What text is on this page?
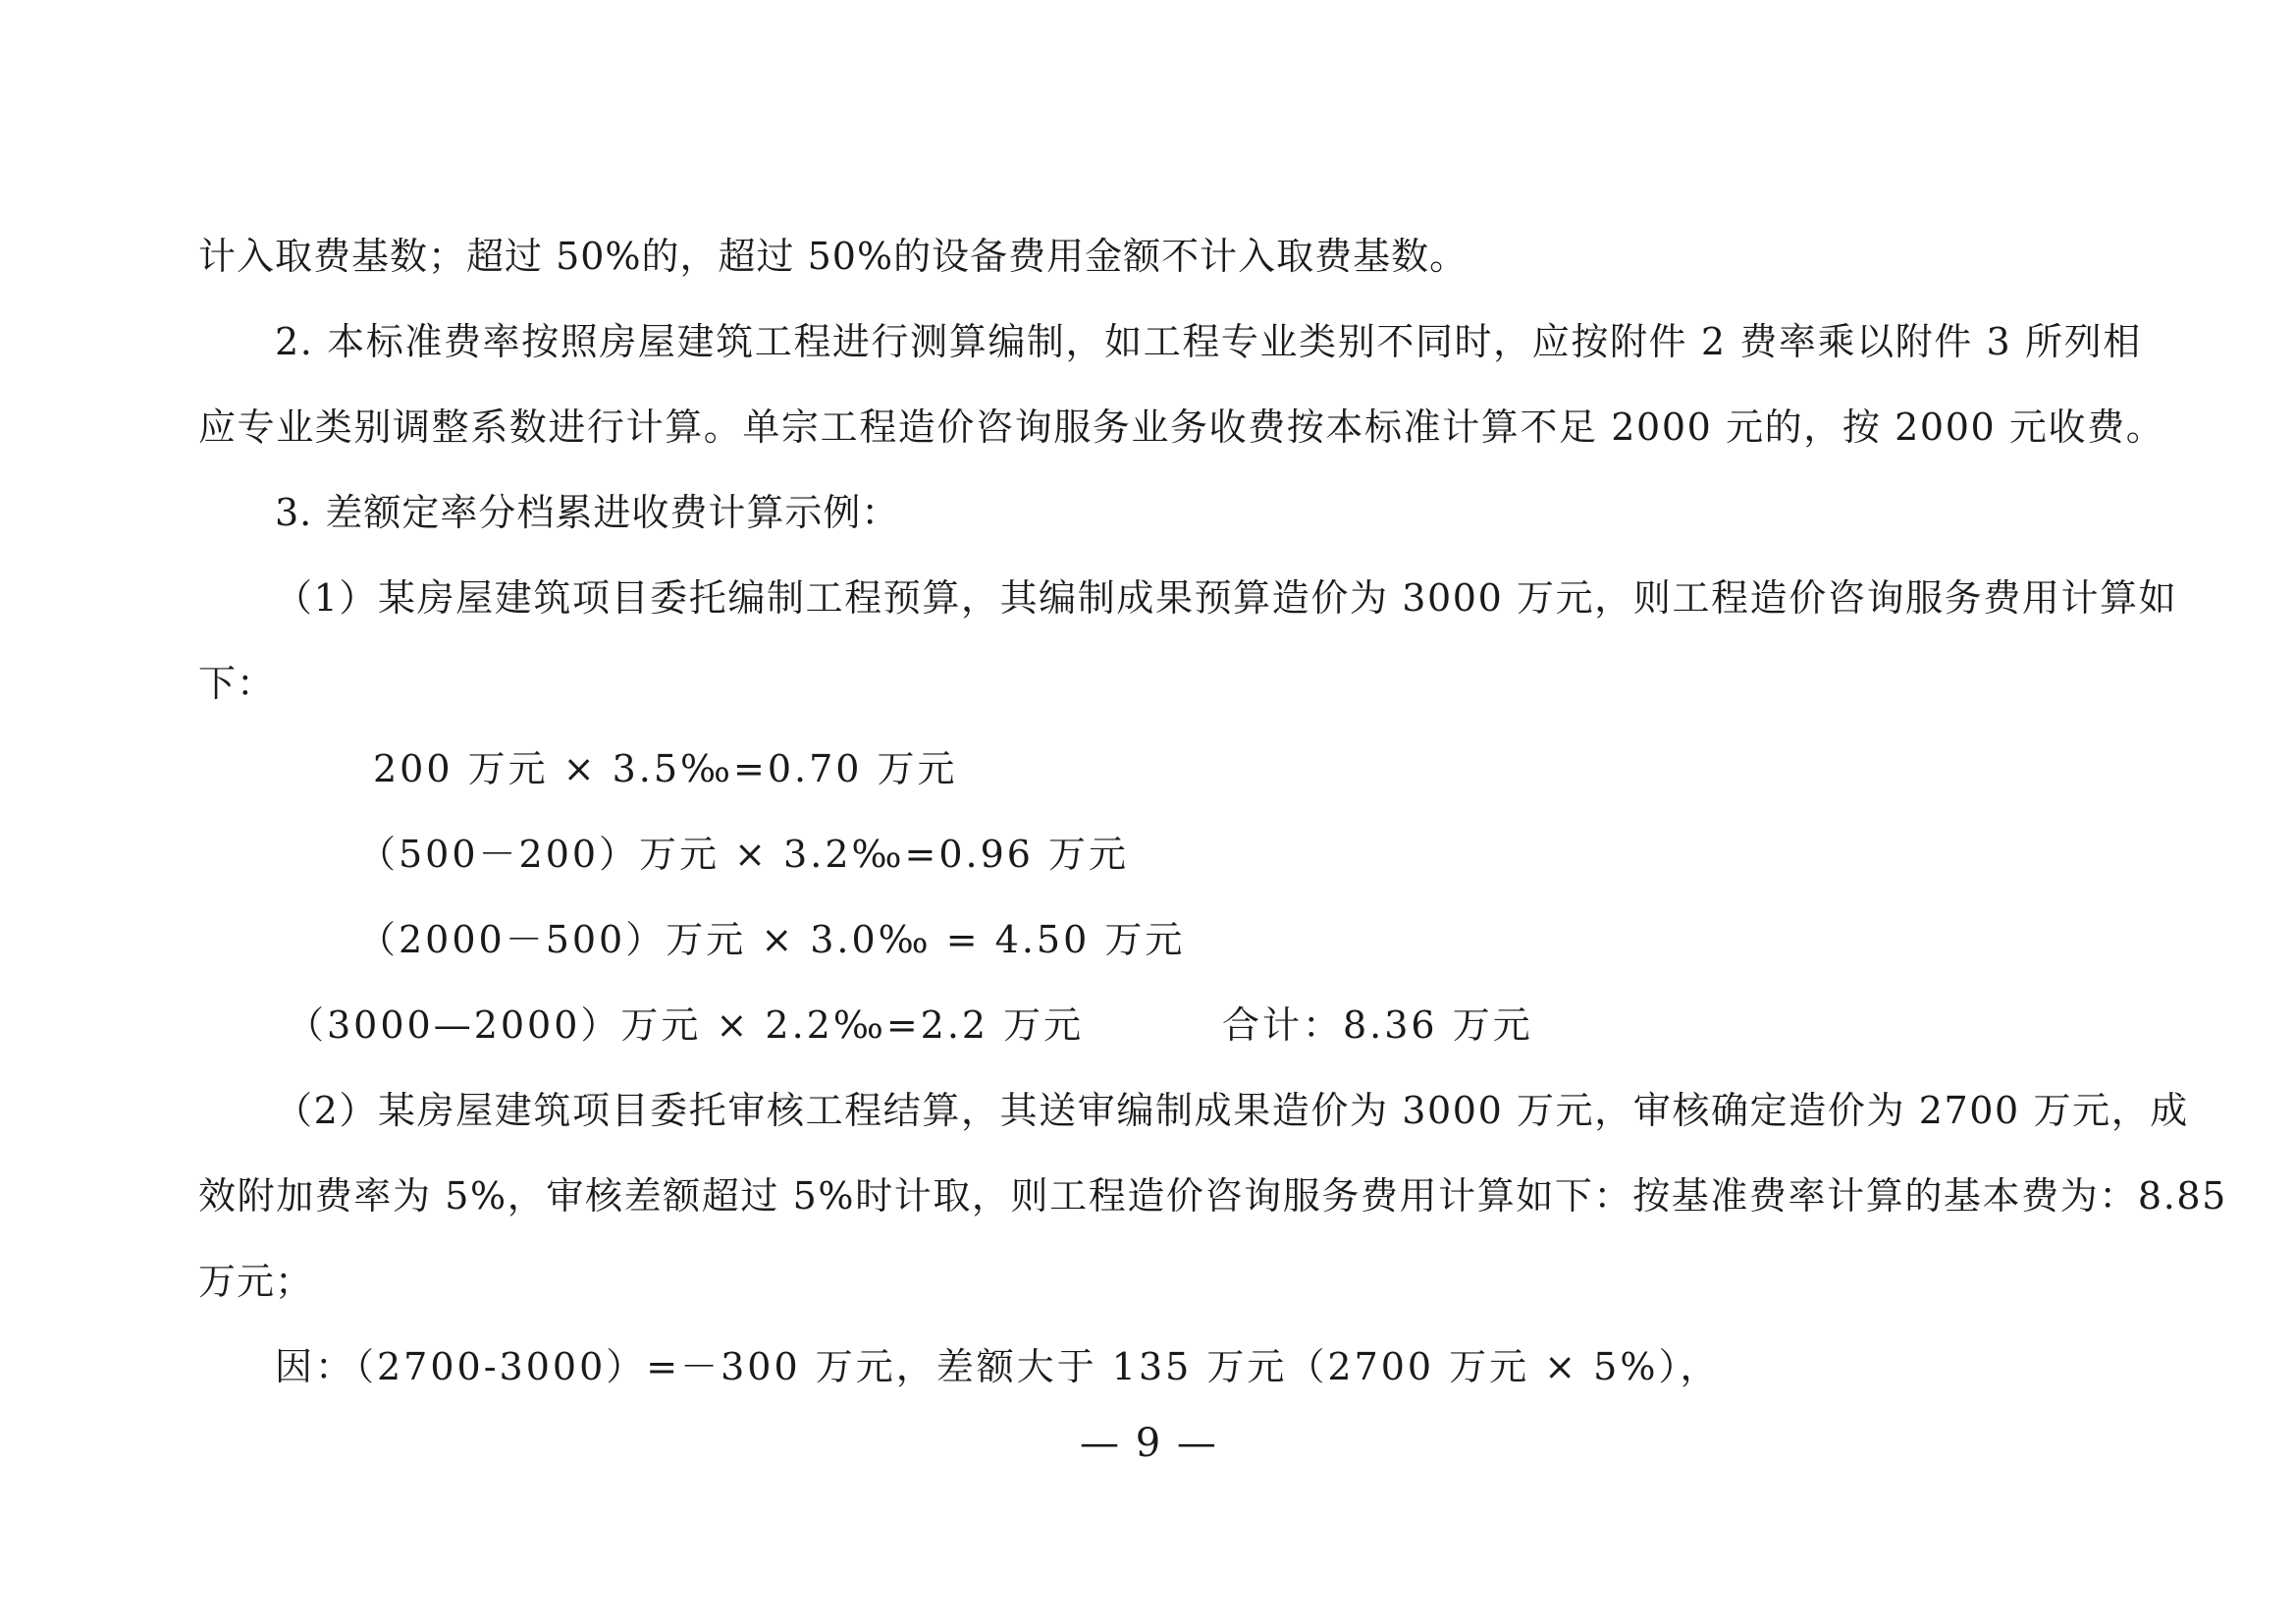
计入取费基数；超过 50%的，超过 50%的设备费用金额不计入取费基数。
2. 本标准费率按照房屋建筑工程进行测算编制，如工程专业类别不同时，应按附件 2 费率乘以附件 3 所列相
应专业类别调整系数进行计算。单宗工程造价咨询服务业务收费按本标准计算不足 2000 元的，按 2000 元收费。
3. 差额定率分档累进收费计算示例：
（1）某房屋建筑项目委托编制工程预算，其编制成果预算造价为 3000 万元，则工程造价咨询服务费用计算如
下：
200 万元 × 3.5‰=0.70 万元
（500－200）万元 × 3.2‰=0.96 万元
（2000－500）万元 × 3.0‰ = 4.50 万元
（3000—2000）万元 × 2.2‰=2.2 万元	合计：8.36 万元
（2）某房屋建筑项目委托审核工程结算，其送审编制成果造价为 3000 万元，审核确定造价为 2700 万元，成
效附加费率为 5%，审核差额超过 5%时计取，则工程造价咨询服务费用计算如下：按基准费率计算的基本费为：8.85
万元；
因：（2700-3000）=－300 万元，差额大于 135 万元（2700 万元 × 5%），
— 9 —
